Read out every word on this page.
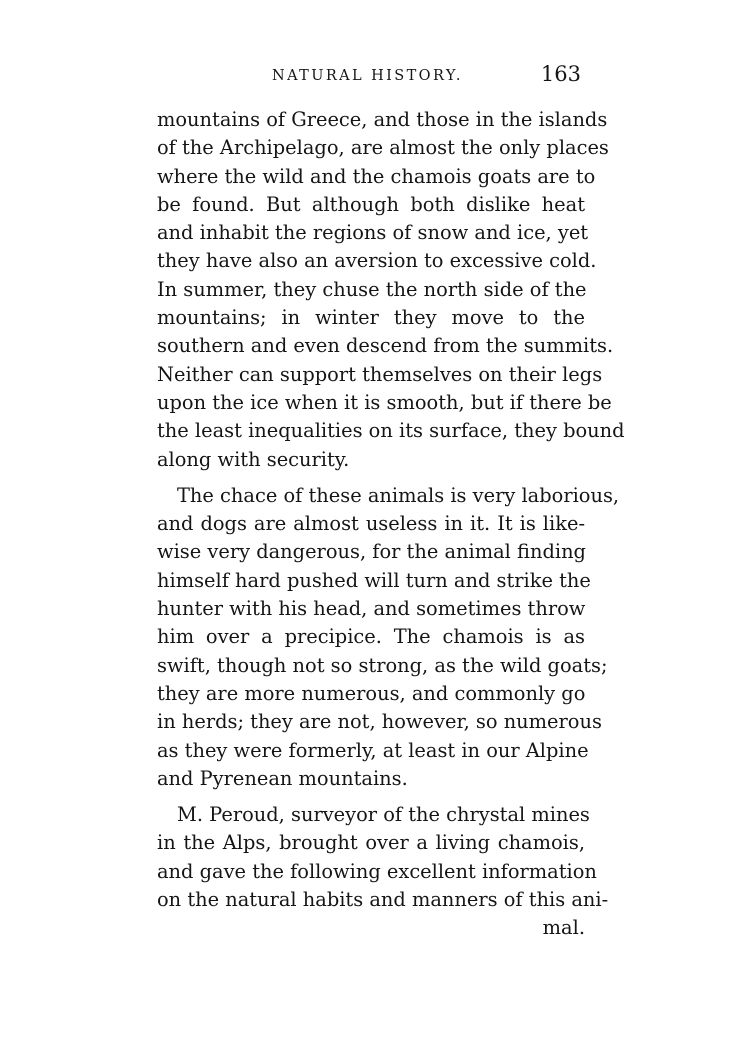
NATURAL HISTORY.	163
mountains of Greece, and those in the islands
of the Archipelago, are almost the only places
where the wild and the chamois goats are to
be found. But although both dislike heat
and inhabit the regions of snow and ice, yet
they have also an aversion to excessive cold.
In summer, they chuse the north side of the
mountains; in winter they move to the
southern and even descend from the summits.
Neither can support themselves on their legs
upon the ice when it is smooth, but if there be
the least inequalities on its surface, they bound
along with security.
The chace of these animals is very laborious,
and dogs are almost useless in it. It is like-
wise very dangerous, for the animal finding
himself hard pushed will turn and strike the
hunter with his head, and sometimes throw
him over a precipice. The chamois is as
swift, though not so strong, as the wild goats;
they are more numerous, and commonly go
in herds; they are not, however, so numerous
as they were formerly, at least in our Alpine
and Pyrenean mountains.
M. Peroud, surveyor of the chrystal mines
in the Alps, brought over a living chamois,
and gave the following excellent information
on the natural habits and manners of this ani-
mal.
